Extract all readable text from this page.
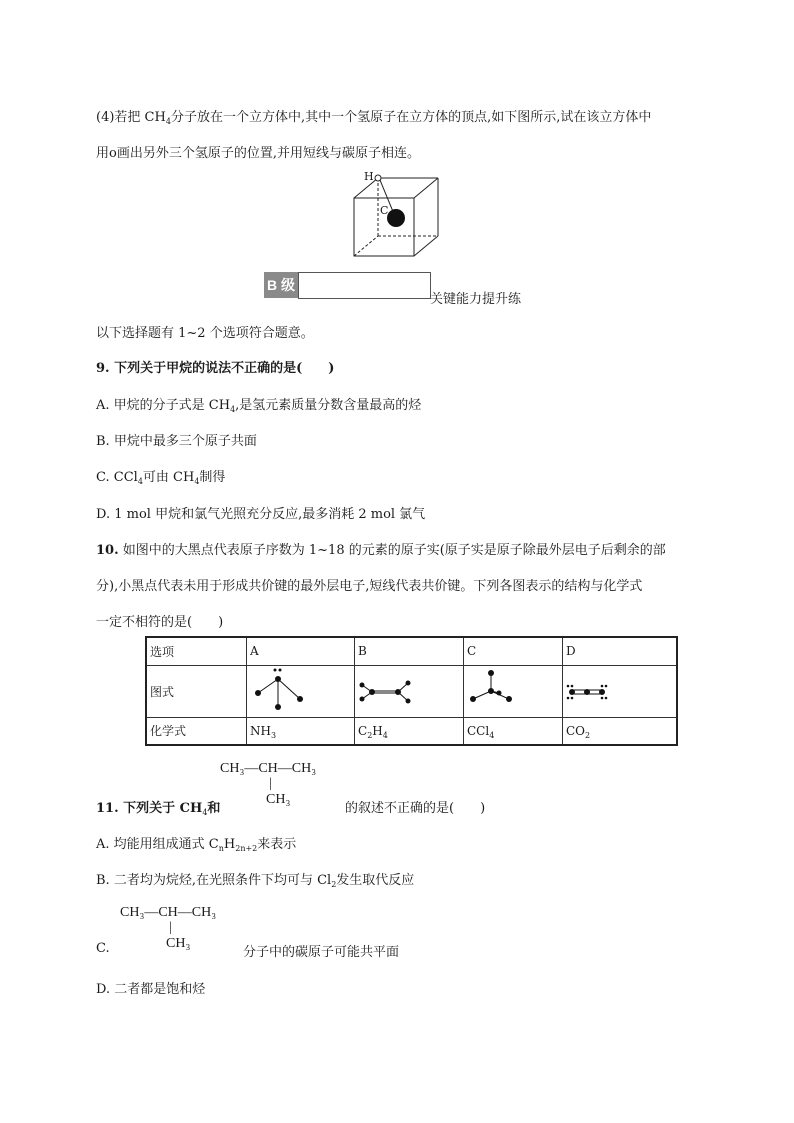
(4)若把 $CH_4$分子放在一个立方体中,其中一个氢原子在立方体的顶点,如下图所示,试在该立方体中
用o画出另外三个氢原子的位置,并用短线与碳原子相连。
H
C
B 级
关键能力提升练
以下选择题有 1~2 个选项符合题意。
9. 下列关于甲烷的说法不正确的是(　　)
A. 甲烷的分子式是 $CH_4$,是氢元素质量分数含量最高的烃
B. 甲烷中最多三个原子共面
C. CCl$_4$可由 $CH_4$制得
D. 1 mol 甲烷和氯气光照充分反应,最多消耗 2 mol 氯气
10. 如图中的大黑点代表原子序数为 1~18 的元素的原子实(原子实是原子除最外层电子后剩余的部
分),小黑点代表未用于形成共价键的最外层电子,短线代表共价键。下列各图表示的结构与化学式
一定不相符的是(　　)
选项	A	B	C	D
图式				
化学式	$NH_3$	$C_2H_4$	CCl$_4$	$CO_2$
CH₃—CH—CH₃
|
CH₃
11. 下列关于 $CH_4$和	的叙述不正确的是(　　)
A. 均能用组成通式 $C_nH_{2n+2}$来表示
B. 二者均为烷烃,在光照条件下均可与 $Cl_2$发生取代反应
CH₃—CH—CH₃
|
CH₃
C.	分子中的碳原子可能共平面
D. 二者都是饱和烃
